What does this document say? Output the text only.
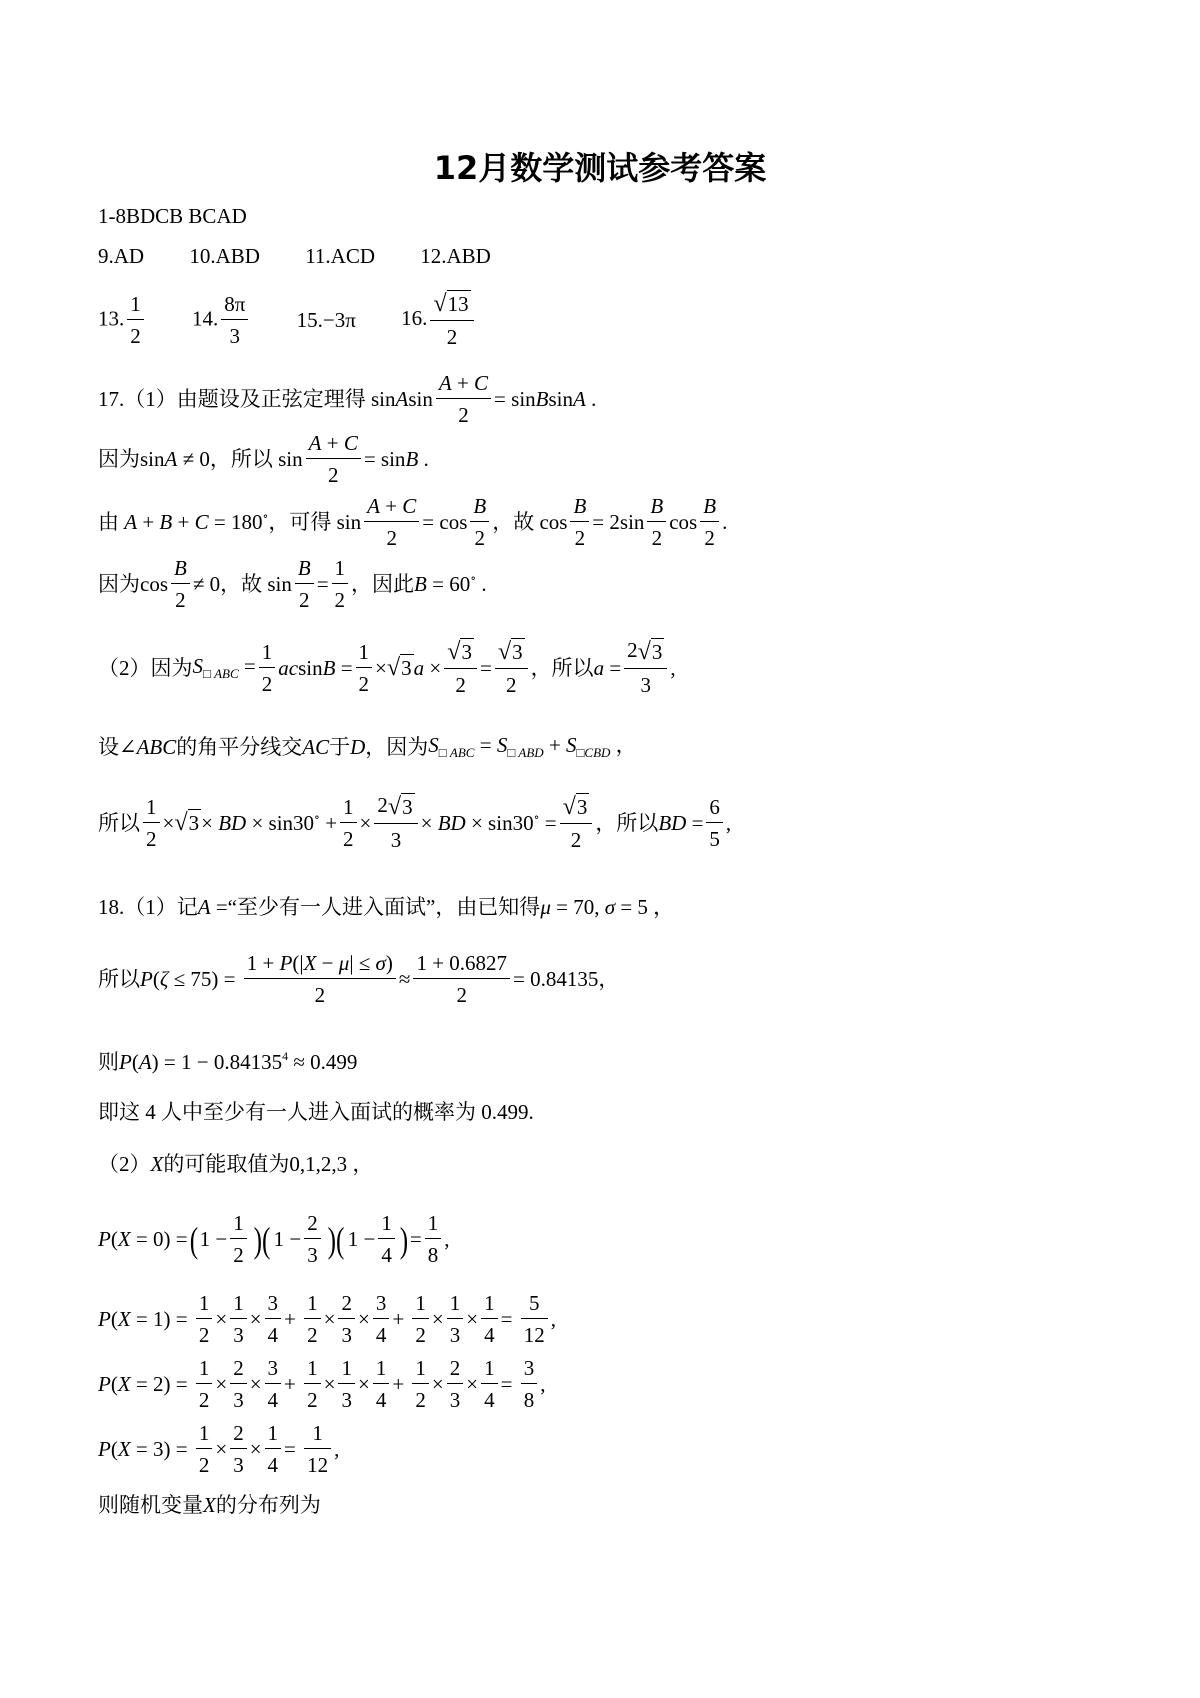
12月数学测试参考答案
1-8BDCB BCAD
9.AD 10.ABD 11.ACD 12.ABD
13. $\frac{1}{2} 14$. $\frac{8\pi}{3} 15.-3\pi$ 16. $\frac{√13}{2}$
17.（1）由题设及正弦定理得 sinAsin $\frac{A + C}{2}$ = sinBsinA .
因为sinA ≠ 0，所以 $\sin \frac{A + C}{2} = \sin B$ .
由 A + B + C = 180∘，可得 $\sin \frac{A + C}{2} = \cos \frac{B}{2}$ ，故 $\cos \frac{B}{2} = 2\sin \frac{B}{2}$ $\cos \frac{B}{2}$ .
因为$\cos \frac{B}{2} \ne 0$，故 $\sin \frac{B}{2} = \frac{1}{2}$ ，因此B = 60∘ .
（2）因为$S_{□ ABC} = \frac{1}{2}$ $acsinB = \frac{1}{2} \times√3a \times \frac{√3}{2} = \frac{√3}{2}$ ，所以$a = \frac{2√3}{3}$ ,
设∠ABC的角平分线交AC于D，因为$S_{□ ABC} = S_{□ ABD} + S_{□CBD}$ ，
所以 $\frac{1}{2} \times√3\times$ BD × $\sin 30^\circ + \frac{1}{2} \times \frac{2√3}{3}$ × BD × $\sin 30^\circ = \frac{√3}{2}$ ，所以BD = $\frac{6}{5}$ ,
18.（1）记A =“至少有一人进入面试”，由已知得μ = 70, σ = 5 ，
所以$P(\zeta \le 75) = \frac{1 + P(|X - \mu| \le \sigma)}{2} \approx \frac{1 + 0.6827}{2} = 0.84135$，
则$P(A) = 1 - 0.84135^4 \approx 0.499$
即这 4 人中至少有一人进入面试的概率为 0.499.
（2）X的可能取值为0,1,2,3 ，
$P(X = 0) =(1 - \frac{1}{2}$ )( $1 - \frac{2}{3}$ )( $1 - \frac{1}{4}$ )= $\frac{1}{8}$ ,
$P(X = 1) = \frac{1}{2} \times \frac{1}{3} \times \frac{3}{4} + \frac{1}{2} \times \frac{2}{3} \times \frac{3}{4} + \frac{1}{2} \times \frac{1}{3} \times \frac{1}{4} = \frac{5}{12}$ ,
$P(X = 2) = \frac{1}{2} \times \frac{2}{3} \times \frac{3}{4} + \frac{1}{2} \times \frac{1}{3} \times \frac{1}{4} + \frac{1}{2} \times \frac{2}{3} \times \frac{1}{4} = \frac{3}{8}$ ,
$P(X = 3) = \frac{1}{2} \times \frac{2}{3} \times \frac{1}{4} = \frac{1}{12}$ ,
则随机变量X的分布列为
